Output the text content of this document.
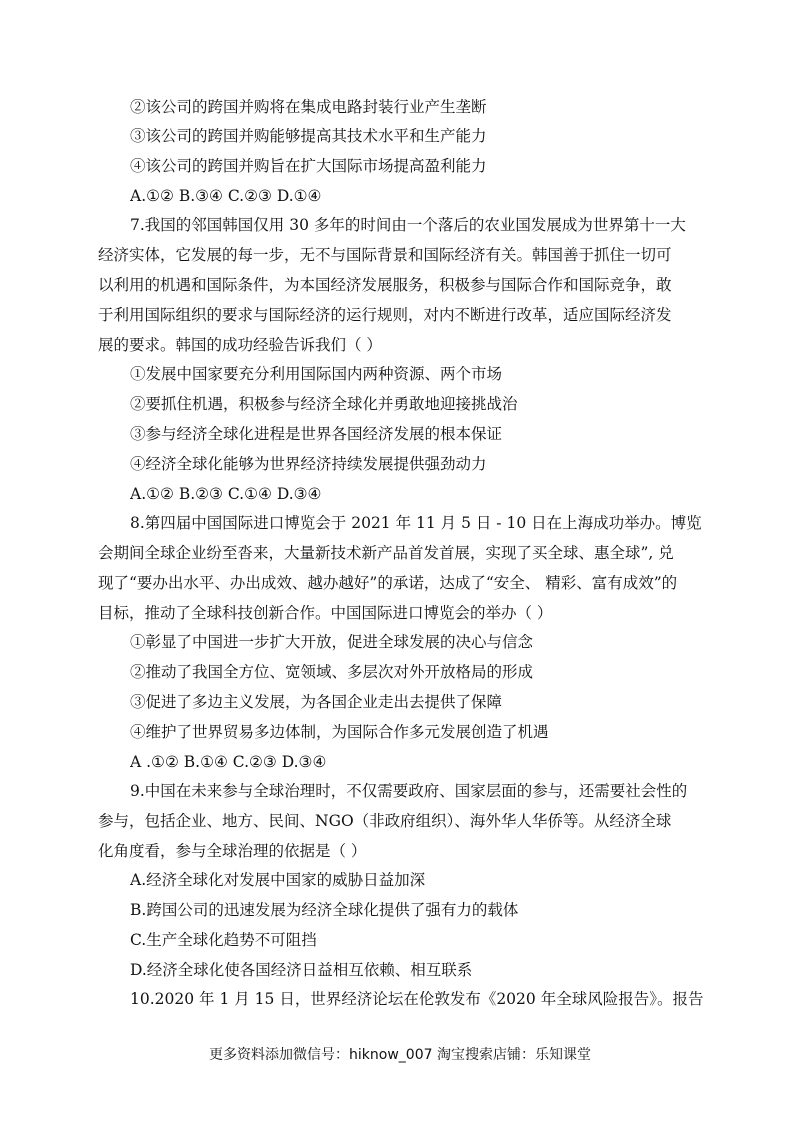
②该公司的跨国并购将在集成电路封装行业产生垄断
③该公司的跨国并购能够提高其技术水平和生产能力
④该公司的跨国并购旨在扩大国际市场提高盈利能力
A.①② B.③④ C.②③ D.①④
7.我国的邻国韩国仅用 30 多年的时间由一个落后的农业国发展成为世界第十一大
经济实体，它发展的每一步，无不与国际背景和国际经济有关。韩国善于抓住一切可
以利用的机遇和国际条件，为本国经济发展服务，积极参与国际合作和国际竞争，敢
于利用国际组织的要求与国际经济的运行规则，对内不断进行改革，适应国际经济发
展的要求。韩国的成功经验告诉我们（ ）
①发展中国家要充分利用国际国内两种资源、两个市场
②要抓住机遇，积极参与经济全球化并勇敢地迎接挑战治
③参与经济全球化进程是世界各国经济发展的根本保证
④经济全球化能够为世界经济持续发展提供强劲动力
A.①② B.②③ C.①④ D.③④
8.第四届中国国际进口博览会于 2021 年 11 月 5 日 - 10 日在上海成功举办。博览
会期间全球企业纷至沓来，大量新技术新产品首发首展，实现了买全球、惠全球”, 兑
现了“要办出水平、办出成效、越办越好”的承诺，达成了“安全、 精彩、富有成效”的
目标，推动了全球科技创新合作。中国国际进口博览会的举办（ ）
①彰显了中国进一步扩大开放，促进全球发展的决心与信念
②推动了我国全方位、宽领域、多层次对外开放格局的形成
③促进了多边主义发展，为各国企业走出去提供了保障
④维护了世界贸易多边体制，为国际合作多元发展创造了机遇
A .①② B.①④ C.②③ D.③④
9.中国在未来参与全球治理时，不仅需要政府、国家层面的参与，还需要社会性的
参与，包括企业、地方、民间、NGO（非政府组织）、海外华人华侨等。从经济全球
化角度看，参与全球治理的依据是（ ）
A.经济全球化对发展中国家的威胁日益加深
B.跨国公司的迅速发展为经济全球化提供了强有力的载体
C.生产全球化趋势不可阻挡
D.经济全球化使各国经济日益相互依赖、相互联系
10.2020 年 1 月 15 日，世界经济论坛在伦敦发布《2020 年全球风险报告》。报告
更多资料添加微信号：hiknow_007 淘宝搜索店铺：乐知课堂
